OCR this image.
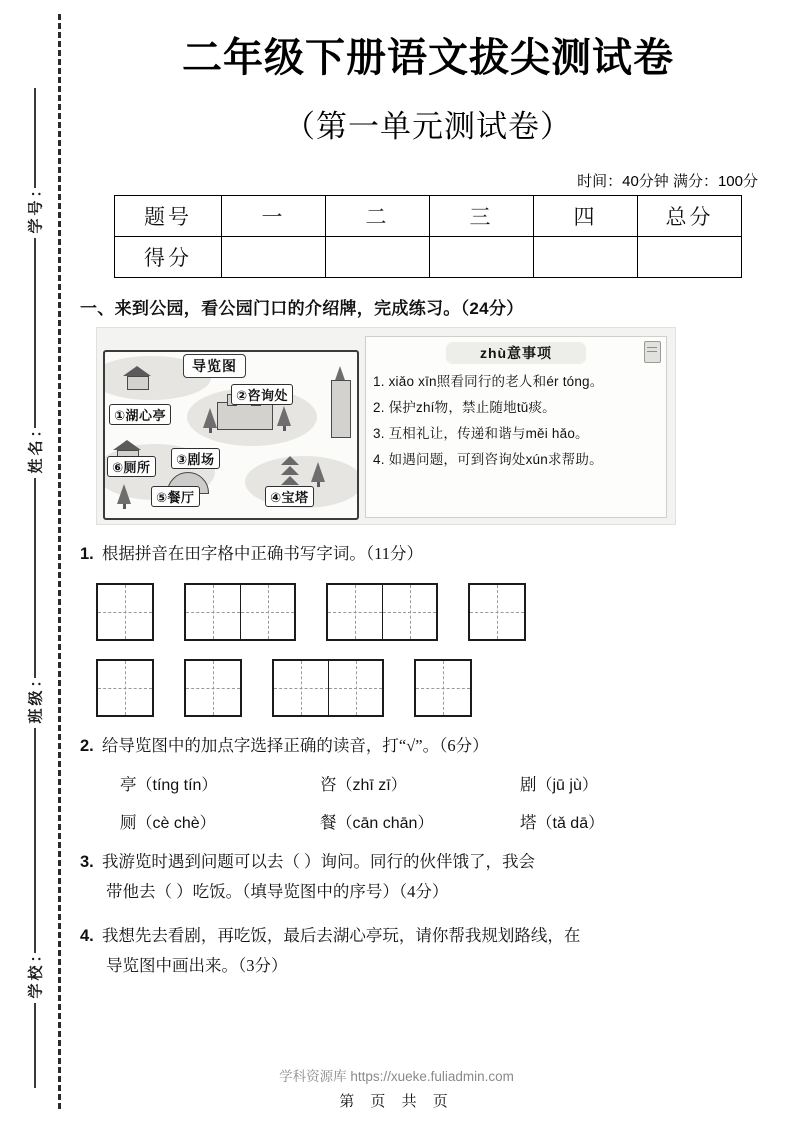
学号：
姓名：
班级：
学校：
二年级下册语文拔尖测试卷
（第一单元测试卷）
时间：40分钟 满分：100分
题号	一	二	三	四	总分
得分					
一、来到公园，看公园门口的介绍牌，完成练习。（24分）
导览图
①湖心亭
②咨询处
③剧场
④宝塔
⑤餐厅
⑥厕所
zhù意事项
1. xiǎo xīn照看同行的老人和ér tóng。
2. 保护zhí物，禁止随地tǔ痰。
3. 互相礼让，传递和谐与měi hǎo。
4. 如遇问题，可到咨询处xún求帮助。
1. 根据拼音在田字格中正确书写字词。（11分）
2. 给导览图中的加点字选择正确的读音，打“√”。（6分）
亭（tíng tín）	咨（zhī zī）	剧（jū jù）
厕（cè chè）	餐（cān chān）	塔（tǎ dā）
3. 我游览时遇到问题可以去（ ）询问。同行的伙伴饿了，我会
带他去（ ）吃饭。（填导览图中的序号）（4分）
4. 我想先去看剧，再吃饭，最后去湖心亭玩，请你帮我规划路线，在
导览图中画出来。（3分）
学科资源库 https://xueke.fuliadmin.com
第 页 共 页
